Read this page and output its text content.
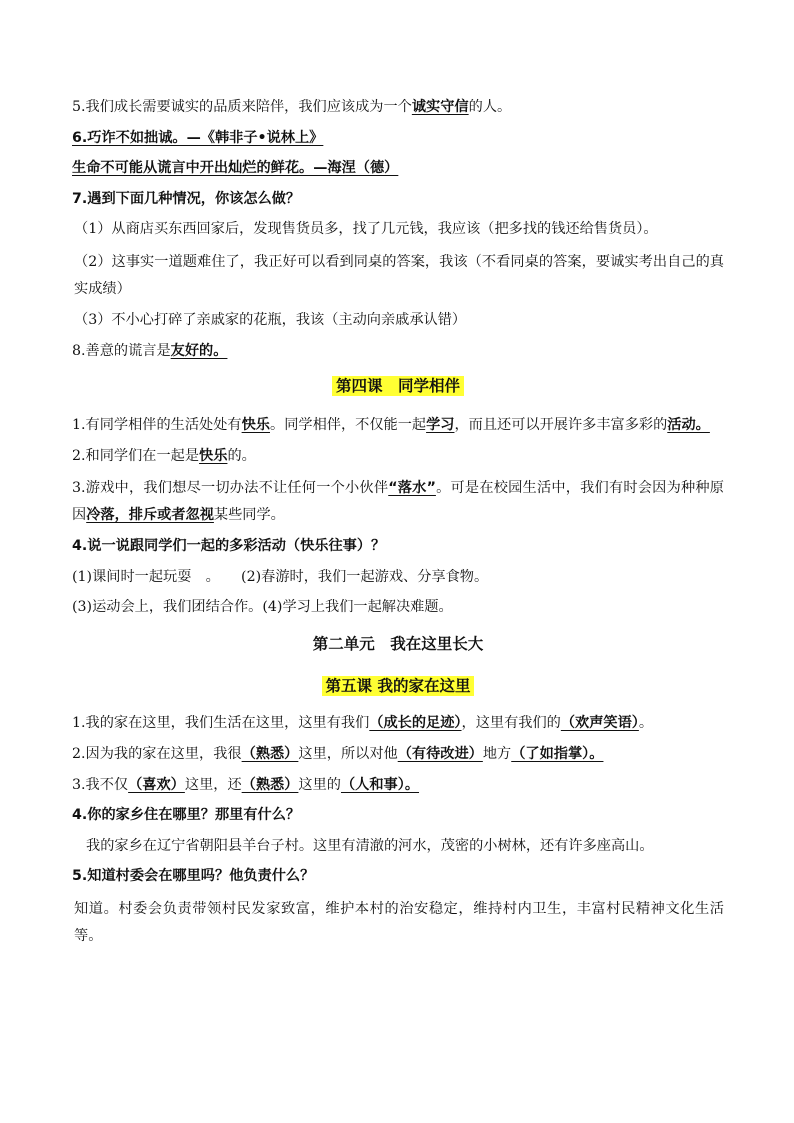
5.我们成长需要诚实的品质来陪伴，我们应该成为一个诚实守信的人。

6.巧诈不如拙诚。—《韩非子•说林上》

生命不可能从谎言中开出灿烂的鲜花。—海涅（德）

7.遇到下面几种情况，你该怎么做？

（1）从商店买东西回家后，发现售货员多，找了几元钱，我应该（把多找的钱还给售货员）。

（2）这事实一道题难住了，我正好可以看到同桌的答案，我该（不看同桌的答案，要诚实考出自己的真实成绩）

（3）不小心打碎了亲戚家的花瓶，我该（主动向亲戚承认错）

8.善意的谎言是友好的。

第四课　同学相伴

1.有同学相伴的生活处处有快乐。同学相伴，不仅能一起学习，而且还可以开展许多丰富多彩的活动。

2.和同学们在一起是快乐的。

3.游戏中，我们想尽一切办法不让任何一个小伙伴“落水”。可是在校园生活中，我们有时会因为种种原因冷落，排斥或者忽视某些同学。

4.说一说跟同学们一起的多彩活动（快乐往事）？

(1)课间时一起玩耍　。　　(2)春游时，我们一起游戏、分享食物。

(3)运动会上，我们团结合作。(4)学习上我们一起解决难题。

第二单元　我在这里长大
第五课 我的家在这里

1.我的家在这里，我们生活在这里，这里有我们（成长的足迹），这里有我们的（欢声笑语）。

2.因为我的家在这里，我很（熟悉）这里，所以对他（有待改进）地方（了如指掌）。

3.我不仅（喜欢）这里，还（熟悉）这里的（人和事）。

4.你的家乡住在哪里？那里有什么？

我的家乡在辽宁省朝阳县羊台子村。这里有清澈的河水，茂密的小树林，还有许多座高山。

5.知道村委会在哪里吗？他负责什么？

知道。村委会负责带领村民发家致富，维护本村的治安稳定，维持村内卫生，丰富村民精神文化生活等。
